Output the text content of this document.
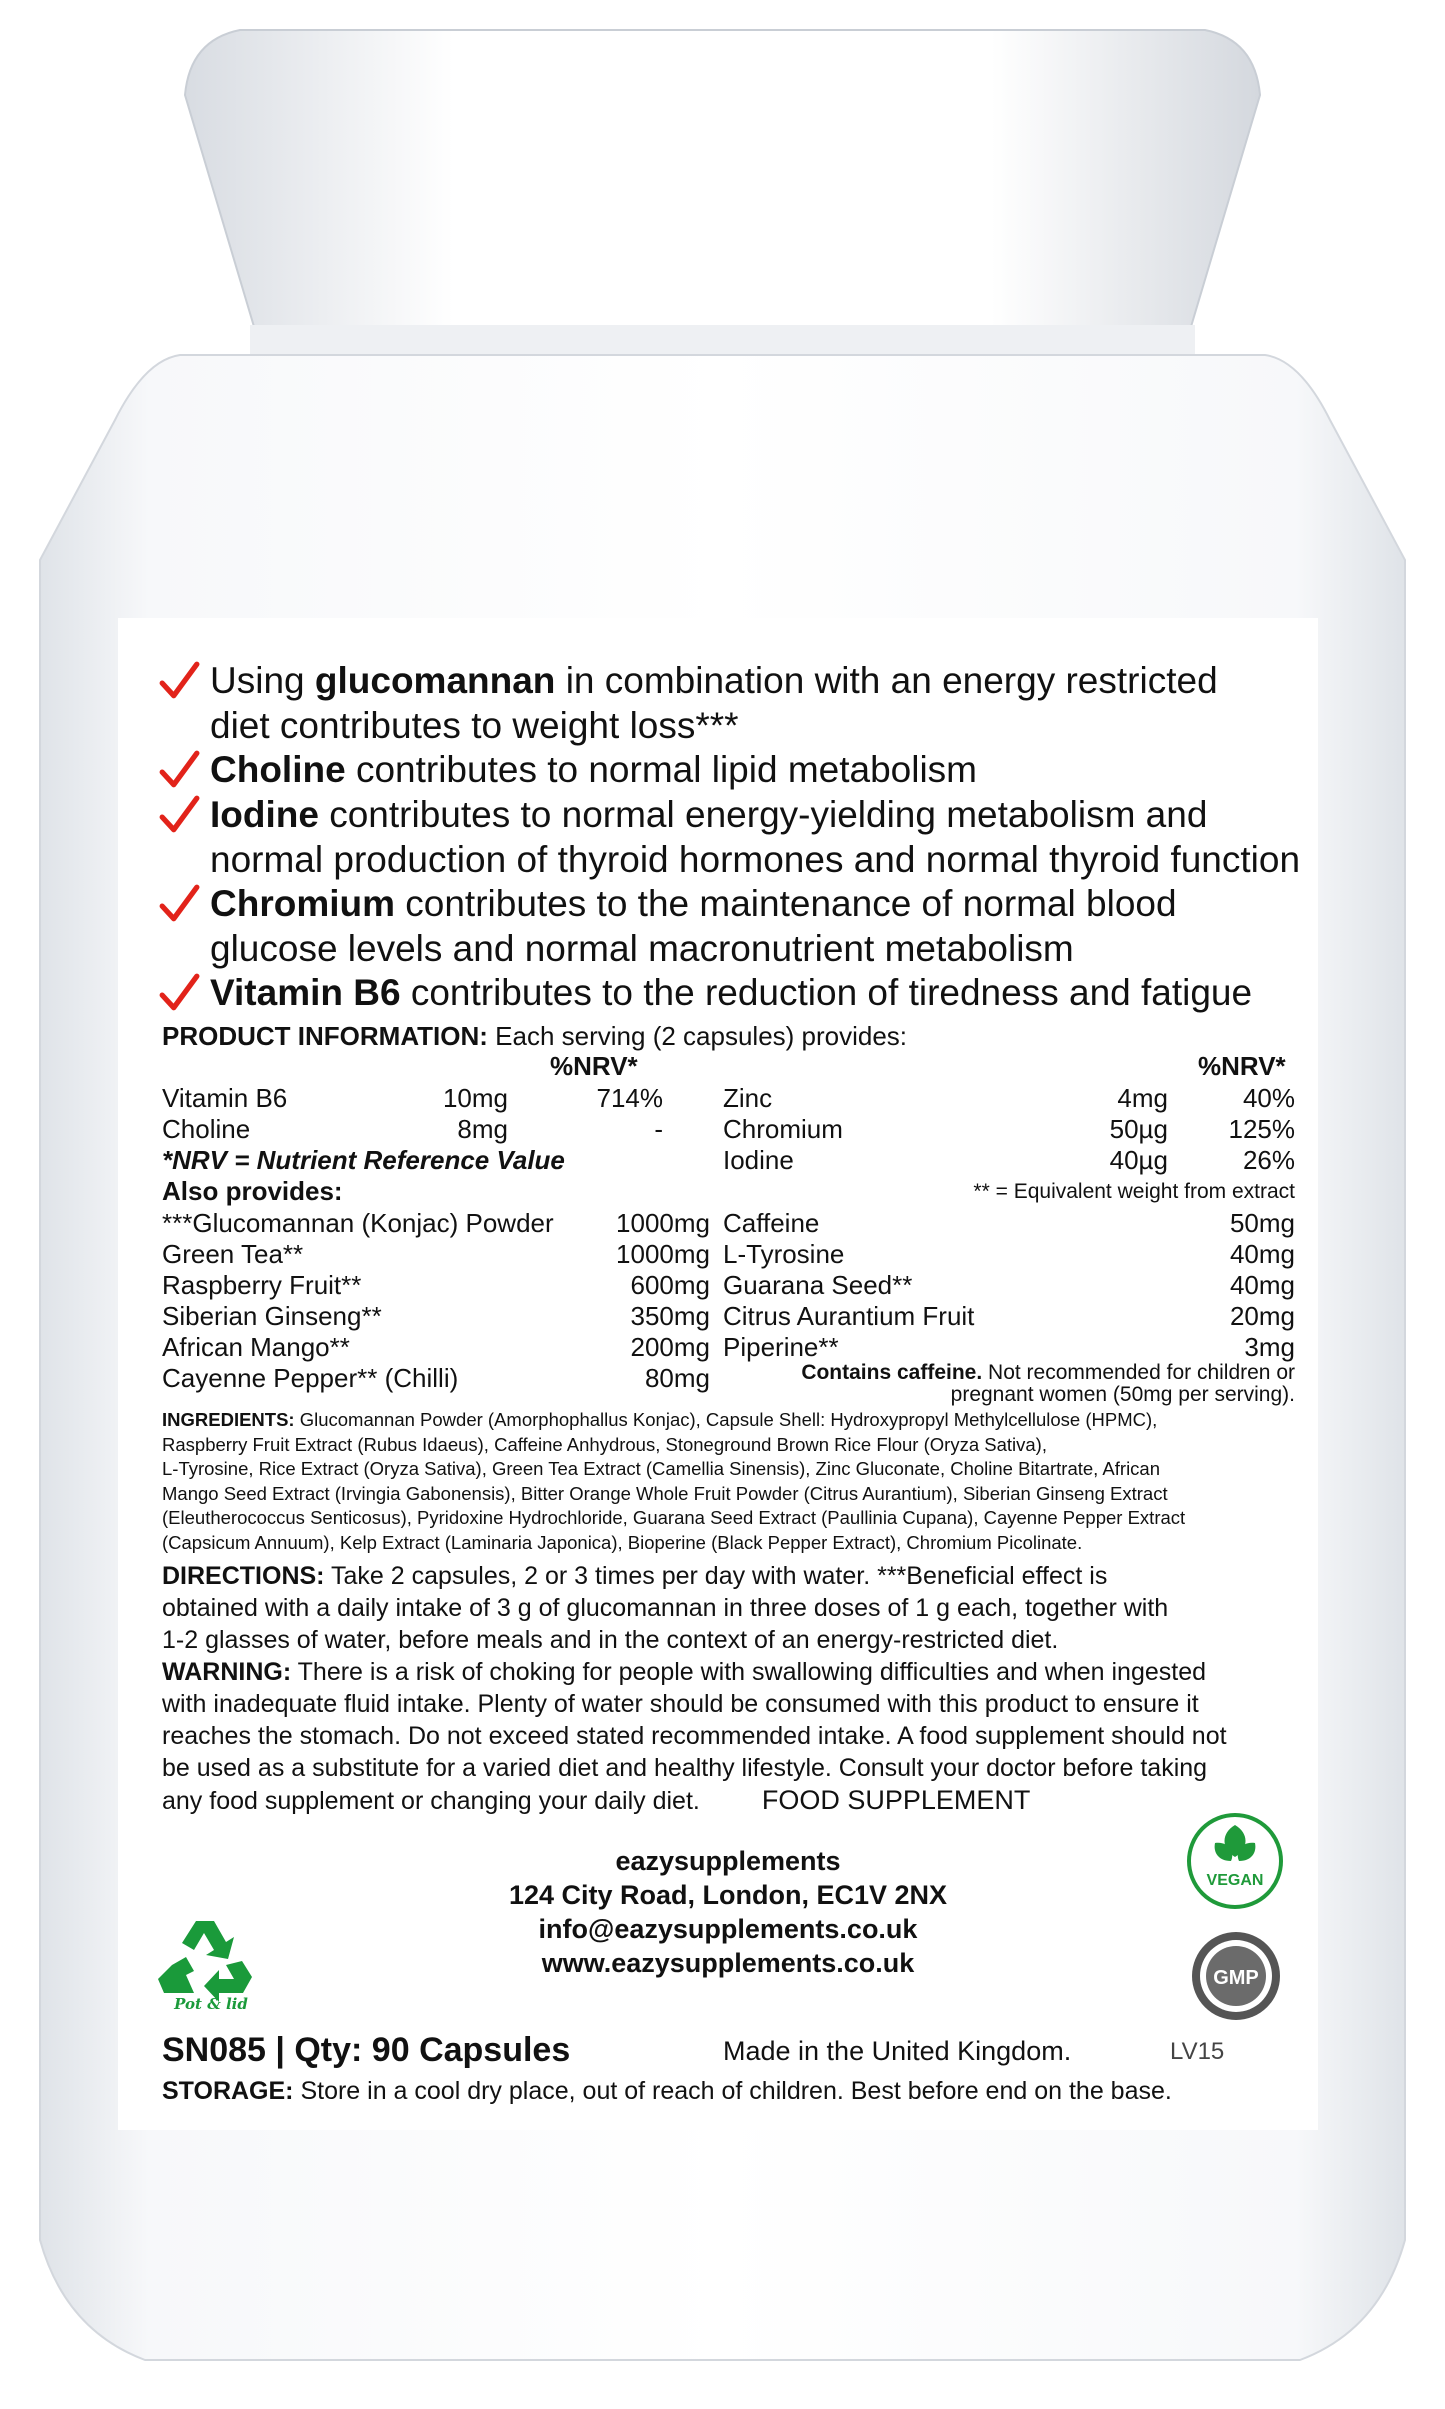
Using glucomannan in combination with an energy restricted
diet contributes to weight loss***
Choline contributes to normal lipid metabolism
Iodine contributes to normal energy-yielding metabolism and
normal production of thyroid hormones and normal thyroid function
Chromium contributes to the maintenance of normal blood
glucose levels and normal macronutrient metabolism
Vitamin B6 contributes to the reduction of tiredness and fatigue
PRODUCT INFORMATION: Each serving (2 capsules) provides:
%NRV*	%NRV*
Vitamin B6	10mg	714%
Choline	8mg	-
*NRV = Nutrient Reference Value
Also provides:
Zinc	4mg	40%
Chromium	50µg	125%
Iodine	40µg	26%
** = Equivalent weight from extract
***Glucomannan (Konjac) Powder	1000mg
Green Tea**	1000mg
Raspberry Fruit**	600mg
Siberian Ginseng**	350mg
African Mango**	200mg
Cayenne Pepper** (Chilli)	80mg
Caffeine	50mg
L-Tyrosine	40mg
Guarana Seed**	40mg
Citrus Aurantium Fruit	20mg
Piperine**	3mg
Contains caffeine. Not recommended for children or
pregnant women (50mg per serving).
INGREDIENTS: Glucomannan Powder (Amorphophallus Konjac), Capsule Shell: Hydroxypropyl Methylcellulose (HPMC),
Raspberry Fruit Extract (Rubus Idaeus), Caffeine Anhydrous, Stoneground Brown Rice Flour (Oryza Sativa),
L-Tyrosine, Rice Extract (Oryza Sativa), Green Tea Extract (Camellia Sinensis), Zinc Gluconate, Choline Bitartrate, African
Mango Seed Extract (Irvingia Gabonensis), Bitter Orange Whole Fruit Powder (Citrus Aurantium), Siberian Ginseng Extract
(Eleutherococcus Senticosus), Pyridoxine Hydrochloride, Guarana Seed Extract (Paullinia Cupana), Cayenne Pepper Extract
(Capsicum Annuum), Kelp Extract (Laminaria Japonica), Bioperine (Black Pepper Extract), Chromium Picolinate.
DIRECTIONS: Take 2 capsules, 2 or 3 times per day with water. ***Beneficial effect is
obtained with a daily intake of 3 g of glucomannan in three doses of 1 g each, together with
1-2 glasses of water, before meals and in the context of an energy-restricted diet.
WARNING: There is a risk of choking for people with swallowing difficulties and when ingested
with inadequate fluid intake. Plenty of water should be consumed with this product to ensure it
reaches the stomach. Do not exceed stated recommended intake. A food supplement should not
be used as a substitute for a varied diet and healthy lifestyle. Consult your doctor before taking
any food supplement or changing your daily diet. FOOD SUPPLEMENT
eazysupplements
124 City Road, London, EC1V 2NX
info@eazysupplements.co.uk
www.eazysupplements.co.uk
Pot & lid
VEGAN
GMP
SN085 | Qty: 90 Capsules	Made in the United Kingdom.	LV15
STORAGE: Store in a cool dry place, out of reach of children. Best before end on the base.
